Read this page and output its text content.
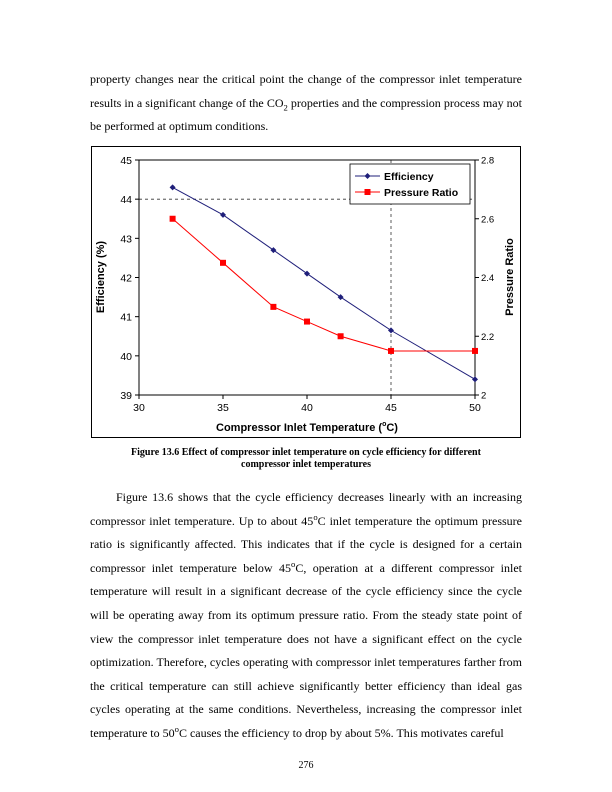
property changes near the critical point the change of the compressor inlet temperature results in a significant change of the $CO_2$ properties and the compression process may not be performed at optimum conditions.

30	35	40	45	50
39
40
41
42
43
44
45
2
2.2
2.4
2.6
2.8
Efficiency
Pressure Ratio
Compressor Inlet Temperature ($^o$C)
Efficiency (%)	Pressure Ratio

Figure 13.6 Effect of compressor inlet temperature on cycle efficiency for different
compressor inlet temperatures

Figure 13.6 shows that the cycle efficiency decreases linearly with an increasing compressor inlet temperature. Up to about 45$^o$C inlet temperature the optimum pressure ratio is significantly affected. This indicates that if the cycle is designed for a certain compressor inlet temperature below 45$^o$C, operation at a different compressor inlet temperature will result in a significant decrease of the cycle efficiency since the cycle will be operating away from its optimum pressure ratio. From the steady state point of view the compressor inlet temperature does not have a significant effect on the cycle optimization. Therefore, cycles operating with compressor inlet temperatures farther from the critical temperature can still achieve significantly better efficiency than ideal gas cycles operating at the same conditions. Nevertheless, increasing the compressor inlet temperature to 50$^o$C causes the efficiency to drop by about 5%. This motivates careful

276
